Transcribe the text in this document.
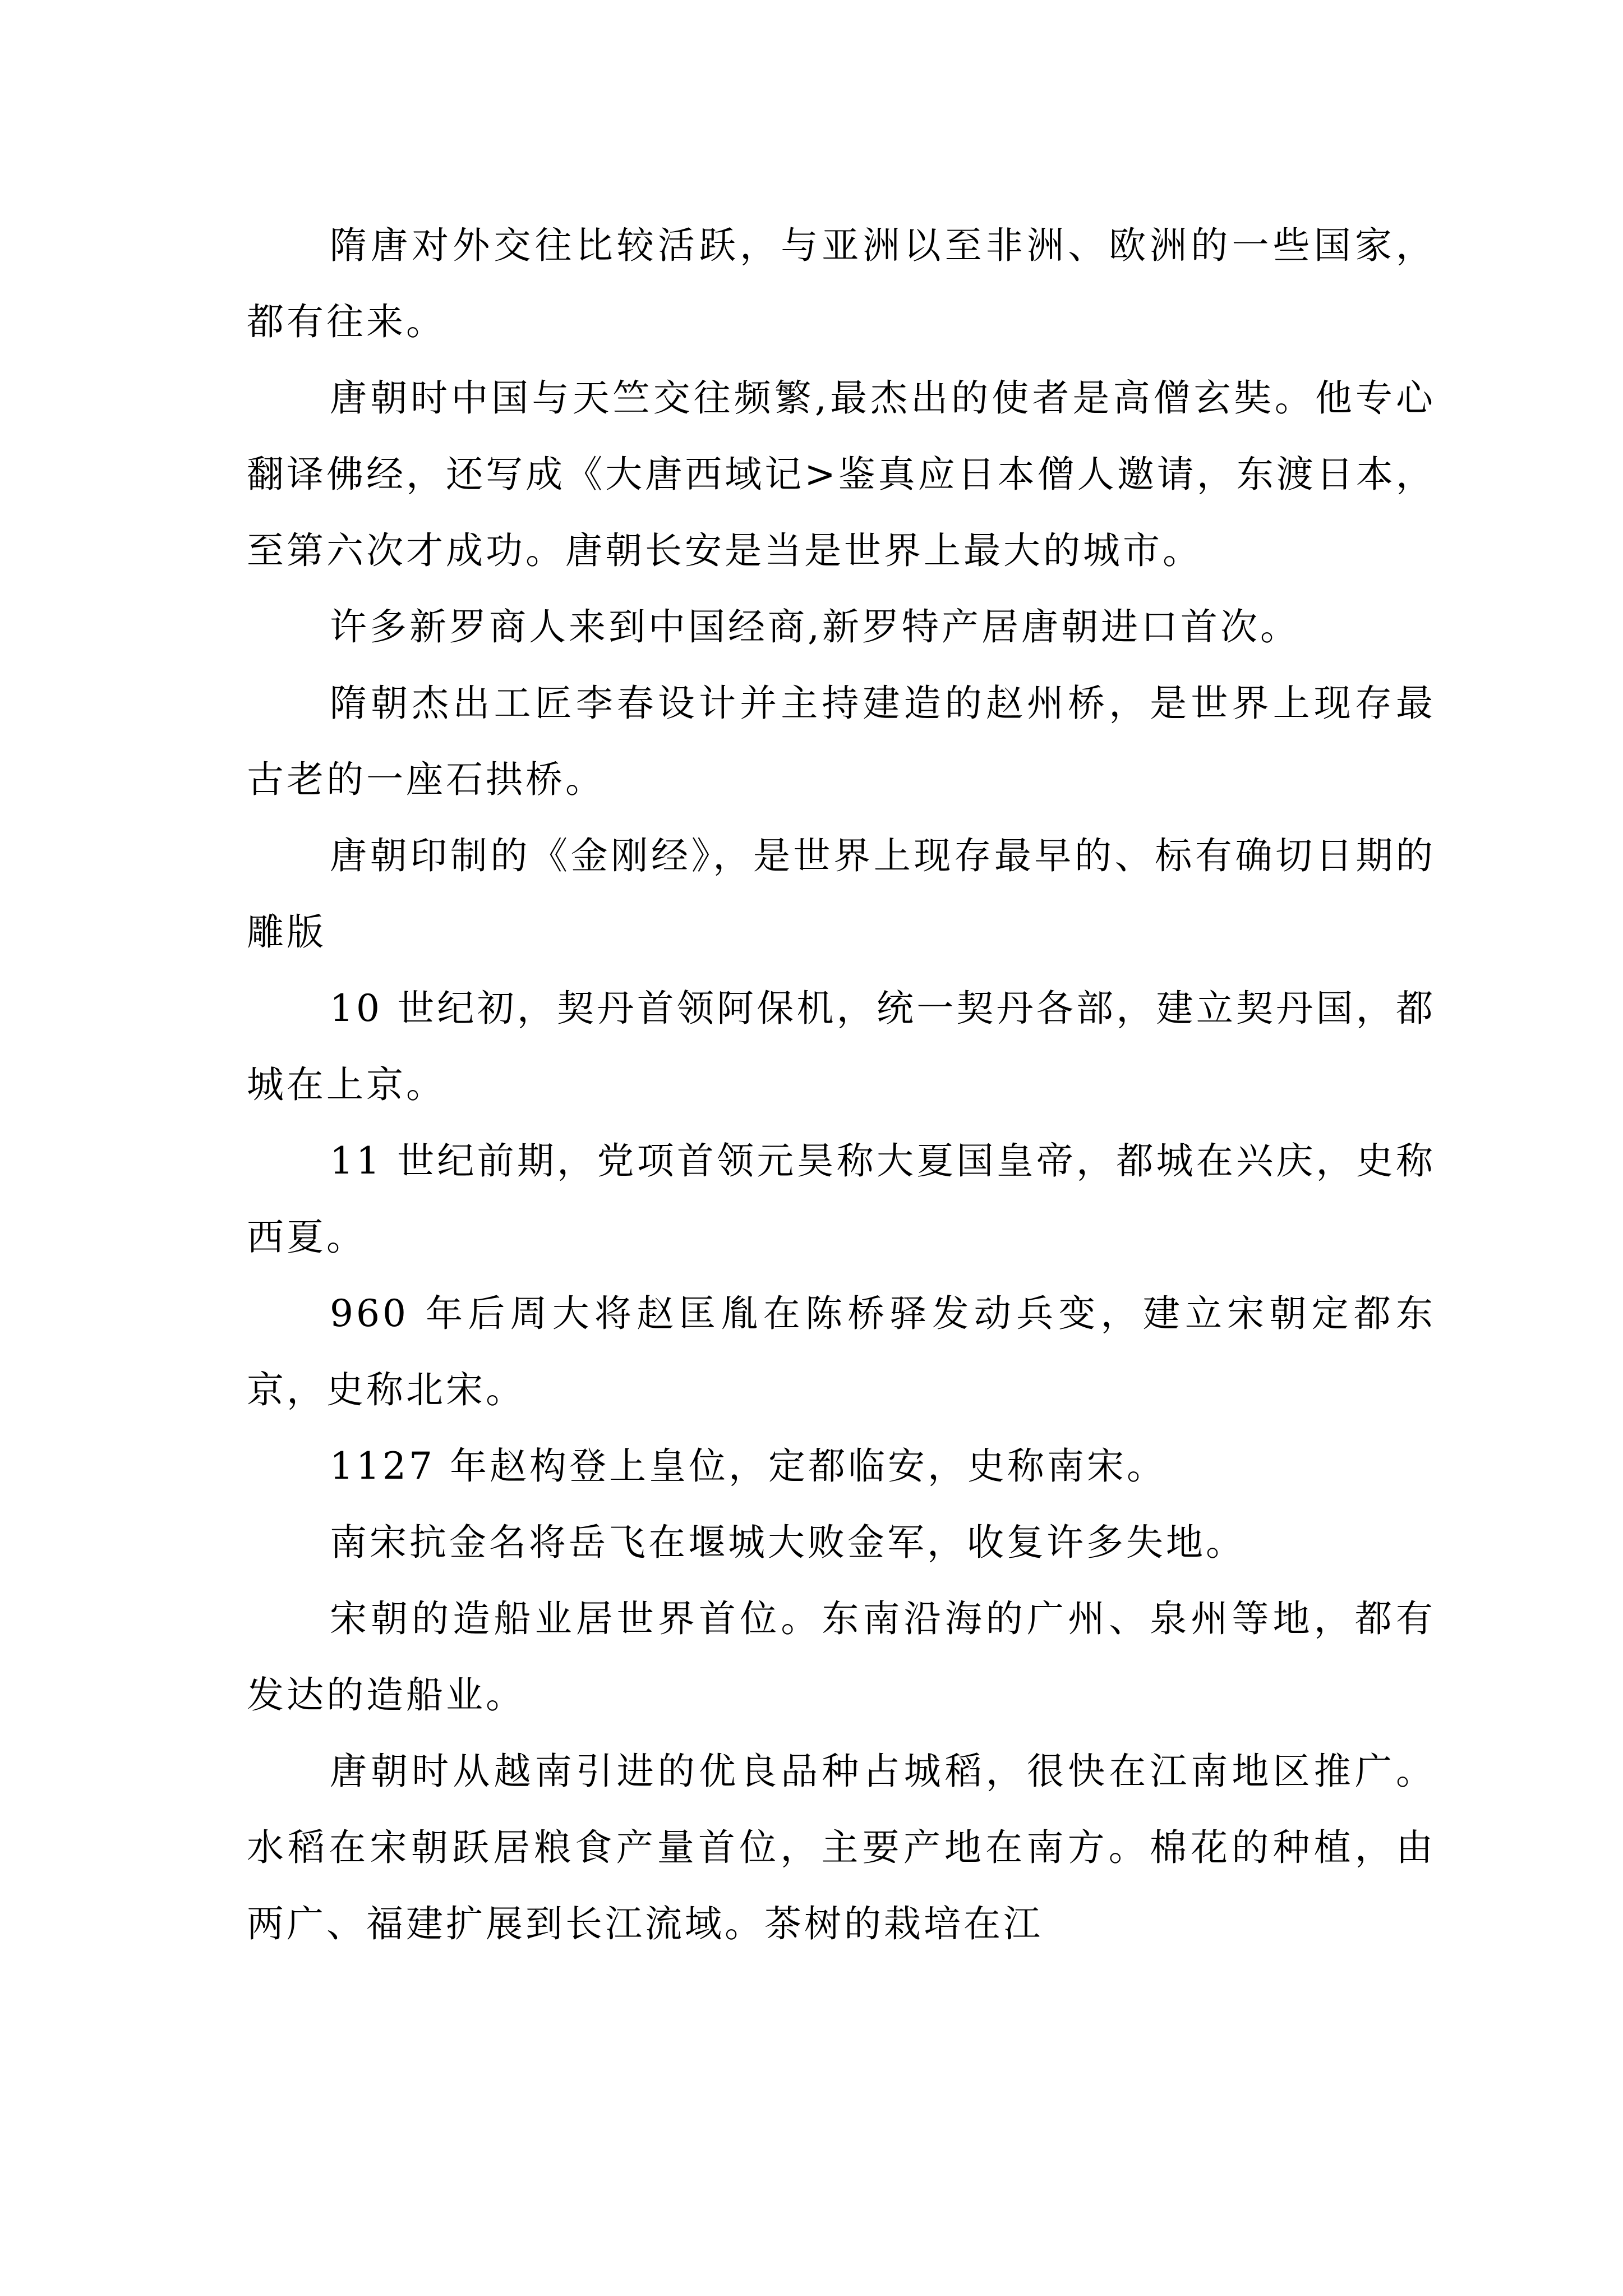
隋唐对外交往比较活跃，与亚洲以至非洲、欧洲的一些国家，都有往来。

唐朝时中国与天竺交往频繁,最杰出的使者是高僧玄奘。他专心翻译佛经，还写成《大唐西域记>鉴真应日本僧人邀请，东渡日本，至第六次才成功。唐朝长安是当是世界上最大的城市。

许多新罗商人来到中国经商,新罗特产居唐朝进口首次。

隋朝杰出工匠李春设计并主持建造的赵州桥，是世界上现存最古老的一座石拱桥。

唐朝印制的《金刚经》，是世界上现存最早的、标有确切日期的雕版

10 世纪初，契丹首领阿保机，统一契丹各部，建立契丹国，都城在上京。

11 世纪前期，党项首领元昊称大夏国皇帝，都城在兴庆，史称西夏。

960 年后周大将赵匡胤在陈桥驿发动兵变，建立宋朝定都东京，史称北宋。

1127 年赵构登上皇位，定都临安，史称南宋。

南宋抗金名将岳飞在堰城大败金军，收复许多失地。

宋朝的造船业居世界首位。东南沿海的广州、泉州等地，都有发达的造船业。

唐朝时从越南引进的优良品种占城稻，很快在江南地区推广。水稻在宋朝跃居粮食产量首位，主要产地在南方。棉花的种植，由两广、福建扩展到长江流域。茶树的栽培在江
